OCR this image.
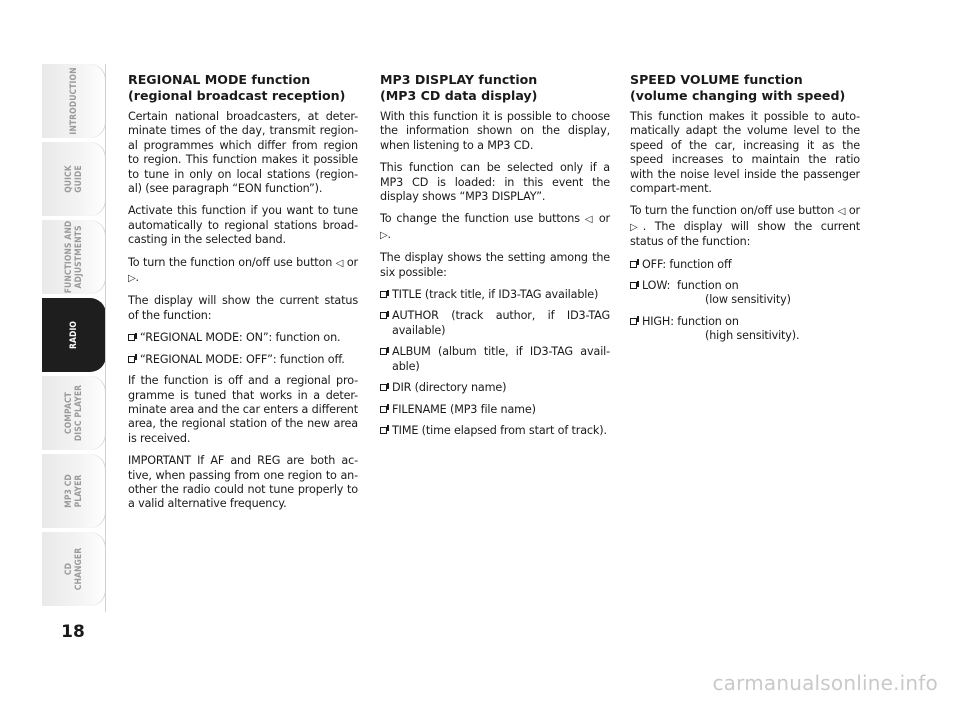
INTRODUCTION
QUICK
GUIDE
FUNCTIONS AND
ADJUSTMENTS
RADIO
COMPACT
DISC PLAYER
MP3 CD
PLAYER
CD
CHANGER
18
REGIONAL MODE function
(regional broadcast reception)
Certain national broadcasters, at deter-minate times of the day, transmit region-al programmes which differ from region to region. This function makes it possible to tune in only on local stations (region-al) (see paragraph “EON function”).
Activate this function if you want to tune automatically to regional stations broad-casting in the selected band.
To turn the function on/off use button ◁ or ▷.
The display will show the current status of the function:
“REGIONAL MODE: ON”: function on.
“REGIONAL MODE: OFF”: function off.
If the function is off and a regional pro-gramme is tuned that works in a deter-minate area and the car enters a different area, the regional station of the new area is received.
IMPORTANT If AF and REG are both ac-tive, when passing from one region to an-other the radio could not tune properly to a valid alternative frequency.
MP3 DISPLAY function
(MP3 CD data display)
With this function it is possible to choose the information shown on the display, when listening to a MP3 CD.
This function can be selected only if a MP3 CD is loaded: in this event the display shows “MP3 DISPLAY”.
To change the function use buttons ◁ or ▷.
The display shows the setting among the six possible:
TITLE (track title, if ID3-TAG available)
AUTHOR (track author, if ID3-TAG available)
ALBUM (album title, if ID3-TAG avail-able)
DIR (directory name)
FILENAME (MP3 file name)
TIME (time elapsed from start of track).
SPEED VOLUME function
(volume changing with speed)
This function makes it possible to auto-matically adapt the volume level to the speed of the car, increasing it as the speed increases to maintain the ratio with the noise level inside the passenger compart-ment.
To turn the function on/off use button ◁ or ▷. The display will show the current status of the function:
OFF: function off
LOW:  function on
(low sensitivity)
HIGH: function on
(high sensitivity).
carmanualsonline.info
